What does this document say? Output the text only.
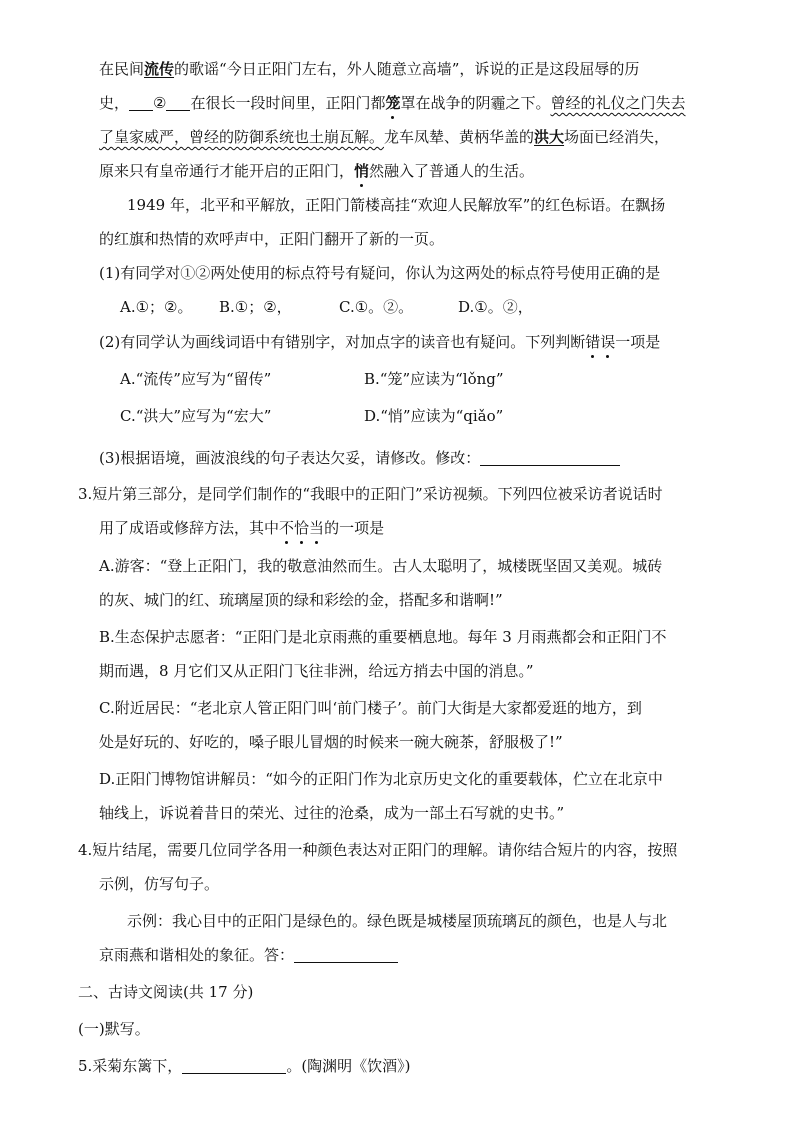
在民间流传的歌谣“今日正阳门左右，外人随意立高墙”，诉说的正是这段屈辱的历
史， ② 在很长一段时间里，正阳门都笼罩在战争的阴霾之下。曾经的礼仪之门失去
了皇家威严，曾经的防御系统也土崩瓦解。龙车凤辇、黄柄华盖的洪大场面已经消失，
原来只有皇帝通行才能开启的正阳门，悄然融入了普通人的生活。
1949 年，北平和平解放，正阳门箭楼高挂“欢迎人民解放军”的红色标语。在飘扬
的红旗和热情的欢呼声中，正阳门翻开了新的一页。
(1)有同学对①②两处使用的标点符号有疑问，你认为这两处的标点符号使用正确的是
A.①；②。 B.①；②，	C.①。②。	D.①。②，
(2)有同学认为画线词语中有错别字，对加点字的读音也有疑问。下列判断错误一项是
A.“流传”应写为“留传”	B.“笼”应读为“lǒng”
C.“洪大”应写为“宏大”	D.“悄”应读为“qiǎo”
(3)根据语境，画波浪线的句子表达欠妥，请修改。修改：
3.短片第三部分，是同学们制作的“我眼中的正阳门”采访视频。下列四位被采访者说话时
用了成语或修辞方法，其中不恰当的一项是
A.游客：“登上正阳门，我的敬意油然而生。古人太聪明了，城楼既坚固又美观。城砖
的灰、城门的红、琉璃屋顶的绿和彩绘的金，搭配多和谐啊!”
B.生态保护志愿者：“正阳门是北京雨燕的重要栖息地。每年 3 月雨燕都会和正阳门不
期而遇，8 月它们又从正阳门飞往非洲，给远方捎去中国的消息。”
C.附近居民：“老北京人管正阳门叫‘前门楼子’。前门大街是大家都爱逛的地方，到
处是好玩的、好吃的，嗓子眼儿冒烟的时候来一碗大碗茶，舒服极了!”
D.正阳门博物馆讲解员：“如今的正阳门作为北京历史文化的重要载体，伫立在北京中
轴线上，诉说着昔日的荣光、过往的沧桑，成为一部土石写就的史书。”
4.短片结尾，需要几位同学各用一种颜色表达对正阳门的理解。请你结合短片的内容，按照
示例，仿写句子。
示例：我心目中的正阳门是绿色的。绿色既是城楼屋顶琉璃瓦的颜色，也是人与北
京雨燕和谐相处的象征。答：
二、古诗文阅读(共 17 分)
(一)默写。
5.采菊东篱下，	。(陶渊明《饮酒》)
